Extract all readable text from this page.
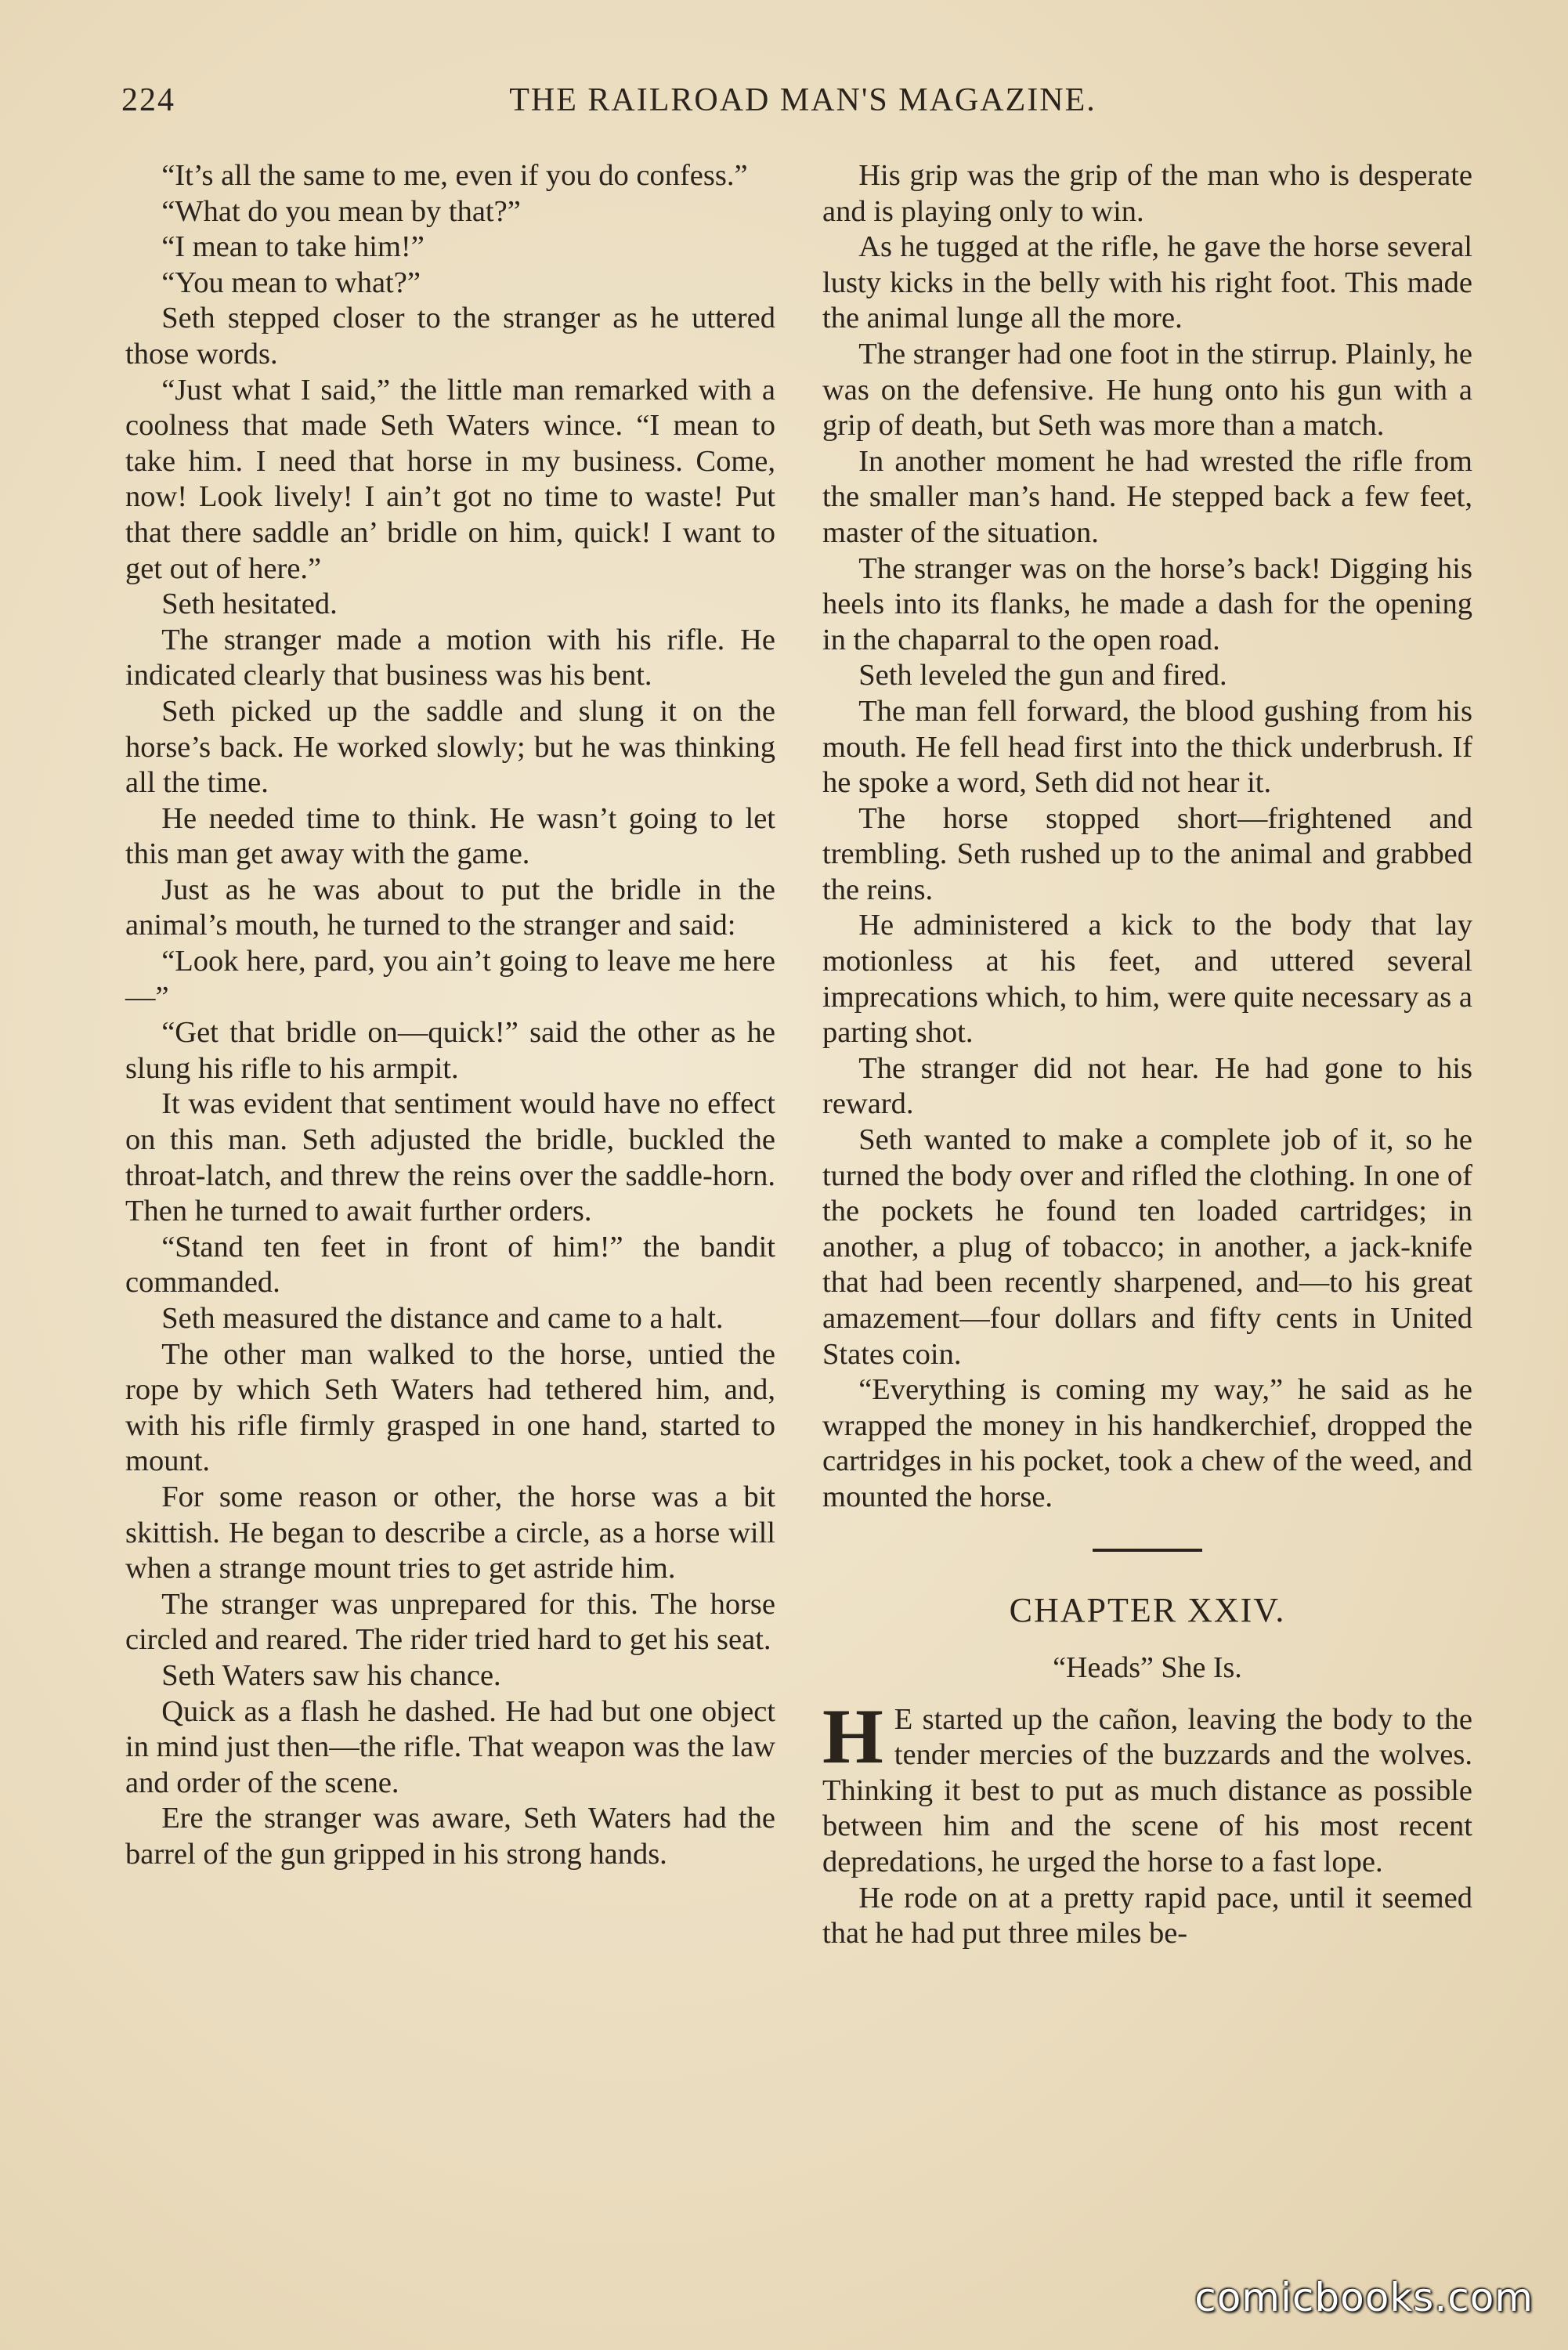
224	THE RAILROAD MAN'S MAGAZINE.

“It’s all the same to me, even if you do confess.”

“What do you mean by that?”

“I mean to take him!”

“You mean to what?”

Seth stepped closer to the stranger as he uttered those words.

“Just what I said,” the little man remarked with a coolness that made Seth Waters wince. “I mean to take him. I need that horse in my business. Come, now! Look lively! I ain’t got no time to waste! Put that there saddle an’ bridle on him, quick! I want to get out of here.”

Seth hesitated.

The stranger made a motion with his rifle. He indicated clearly that business was his bent.

Seth picked up the saddle and slung it on the horse’s back. He worked slowly; but he was thinking all the time.

He needed time to think. He wasn’t going to let this man get away with the game.

Just as he was about to put the bridle in the animal’s mouth, he turned to the stranger and said:

“Look here, pard, you ain’t going to leave me here—”

“Get that bridle on—quick!” said the other as he slung his rifle to his armpit.

It was evident that sentiment would have no effect on this man. Seth adjusted the bridle, buckled the throat-latch, and threw the reins over the saddle-horn. Then he turned to await further orders.

“Stand ten feet in front of him!” the bandit commanded.

Seth measured the distance and came to a halt.

The other man walked to the horse, untied the rope by which Seth Waters had tethered him, and, with his rifle firmly grasped in one hand, started to mount.

For some reason or other, the horse was a bit skittish. He began to describe a circle, as a horse will when a strange mount tries to get astride him.

The stranger was unprepared for this. The horse circled and reared. The rider tried hard to get his seat.

Seth Waters saw his chance.

Quick as a flash he dashed. He had but one object in mind just then—the rifle. That weapon was the law and order of the scene.

Ere the stranger was aware, Seth Waters had the barrel of the gun gripped in his strong hands.

His grip was the grip of the man who is desperate and is playing only to win.

As he tugged at the rifle, he gave the horse several lusty kicks in the belly with his right foot. This made the animal lunge all the more.

The stranger had one foot in the stirrup. Plainly, he was on the defensive. He hung onto his gun with a grip of death, but Seth was more than a match.

In another moment he had wrested the rifle from the smaller man’s hand. He stepped back a few feet, master of the situation.

The stranger was on the horse’s back! Digging his heels into its flanks, he made a dash for the opening in the chaparral to the open road.

Seth leveled the gun and fired.

The man fell forward, the blood gushing from his mouth. He fell head first into the thick underbrush. If he spoke a word, Seth did not hear it.

The horse stopped short—frightened and trembling. Seth rushed up to the animal and grabbed the reins.

He administered a kick to the body that lay motionless at his feet, and uttered several imprecations which, to him, were quite necessary as a parting shot.

The stranger did not hear. He had gone to his reward.

Seth wanted to make a complete job of it, so he turned the body over and rifled the clothing. In one of the pockets he found ten loaded cartridges; in another, a plug of tobacco; in another, a jack-knife that had been recently sharpened, and—to his great amazement—four dollars and fifty cents in United States coin.

“Everything is coming my way,” he said as he wrapped the money in his handkerchief, dropped the cartridges in his pocket, took a chew of the weed, and mounted the horse.

CHAPTER XXIV.
“Heads” She Is.

H E started up the cañon, leaving the body to the tender mercies of the buzzards and the wolves. Thinking it best to put as much distance as possible between him and the scene of his most recent depredations, he urged the horse to a fast lope.

He rode on at a pretty rapid pace, until it seemed that he had put three miles be-

comicbooks.com
